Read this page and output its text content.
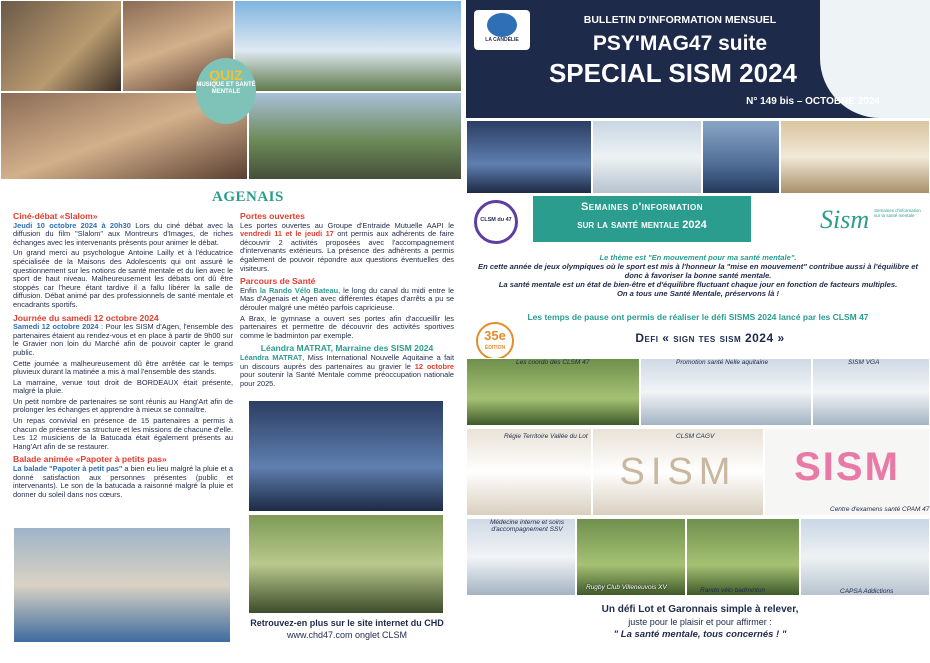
QUIZ
MUSIQUE ET SANTÉ MENTALE
AGENAIS
Ciné-débat «Slalom»

Jeudi 10 octobre 2024 à 20h30 Lors du ciné débat avec la diffusion du film "Slalom" aux Montreurs d'Images, de riches échanges avec les intervenants présents pour animer le débat.

Un grand merci au psychologue Antoine Lailly et à l'éducatrice spécialisée de la Maisons des Adolescents qui ont assuré le questionnement sur les notions de santé mentale et du lien avec le sport de haut niveau. Malheureusement les débats ont dû être stoppés car l'heure étant tardive il a fallu libérer la salle de diffusion. Débat animé par des professionnels de santé mentale et encadrants sportifs.

Journée du samedi 12 octobre 2024

Samedi 12 octobre 2024 : Pour les SISM d'Agen, l'ensemble des partenaires étaient au rendez-vous et en place à partir de 9h00 sur le Gravier non loin du Marché afin de pouvoir capter le grand public.

Cette journée a malheureusement dû être arrêtée car le temps pluvieux durant la matinée a mis à mal l'ensemble des stands.

La marraine, venue tout droit de BORDEAUX était présente, malgré la pluie.

Un petit nombre de partenaires se sont réunis au Hang'Art afin de prolonger les échanges et apprendre à mieux se connaître.

Un repas convivial en présence de 15 partenaires a permis à chacun de présenter sa structure et les missions de chacune d'elle. Les 12 musiciens de la Batucada était également présents au Hang'Art afin de se restaurer.

Balade animée «Papoter à petits pas»

La balade "Papoter à petit pas" a bien eu lieu malgré la pluie et a donné satisfaction aux personnes présentes (public et intervenants). Le son de la batucada a raisonné malgré la pluie et donner du soleil dans nos cœurs.

Portes ouvertes

Les portes ouvertes au Groupe d'Entraide Mutuelle AAPI le vendredi 11 et le jeudi 17 ont permis aux adhérents de faire découvrir 2 activités proposées avec l'accompagnement d'intervenants extérieurs. La présence des adhérents a permis également de pouvoir répondre aux questions éventuelles des visiteurs.

Parcours de Santé

Enfin la Rando Vélo Bateau, le long du canal du midi entre le Mas d'Agenais et Agen avec différentes étapes d'arrêts a pu se dérouler malgré une météo parfois capricieuse.

A Brax, le gymnase a ouvert ses portes afin d'accueillir les partenaires et permettre de découvrir des activités sportives comme le badminton par exemple.

Léandra MATRAT, Marraine des SISM 2024

Léandra MATRAT, Miss International Nouvelle Aquitaine a fait un discours auprès des partenaires au gravier le 12 octobre pour soutenir la Santé Mentale comme préoccupation nationale pour 2025.

Retrouvez-en plus sur le site internet du CHD
www.chd47.com onglet CLSM
LA CANDÉLIE
BULLETIN D'INFORMATION MENSUEL
PSY'MAG47 suite
SPECIAL SISM 2024
N° 149 bis – OCTOBRE 2024
CLSM du 47
Semaines d'information
sur la santé mentale 2024	Sism	Semaines d'information sur la santé mentale
Le thème est "En mouvement pour ma santé mentale".
En cette année de jeux olympiques où le sport est mis à l'honneur la "mise en mouvement" contribue aussi à l'équilibre et donc à favoriser la bonne santé mentale.
La santé mentale est un état de bien-être et d'équilibre fluctuant chaque jour en fonction de facteurs multiples.
On a tous une Santé Mentale, préservons là !
Les temps de pause ont permis de réaliser le défi SISMS 2024 lancé par les CLSM 47
35e
ÉDITION
Defi « sign tes sism 2024 »
Les coordo des CLSM 47	Promotion santé Nelle aquitaine	SISM VGA
Régie Territoire Vallée du Lot
SISM
CLSM CAGV
SISM
Centre d'examens santé CPAM 47
Médecine interne et soins d'accompagnement SSV
Rugby Club Villeneuvois XV	Rando vélo badminton	CAPSA Addictions
Un défi Lot et Garonnais simple à relever,
juste pour le plaisir et pour affirmer :
" La santé mentale, tous concernés ! "
